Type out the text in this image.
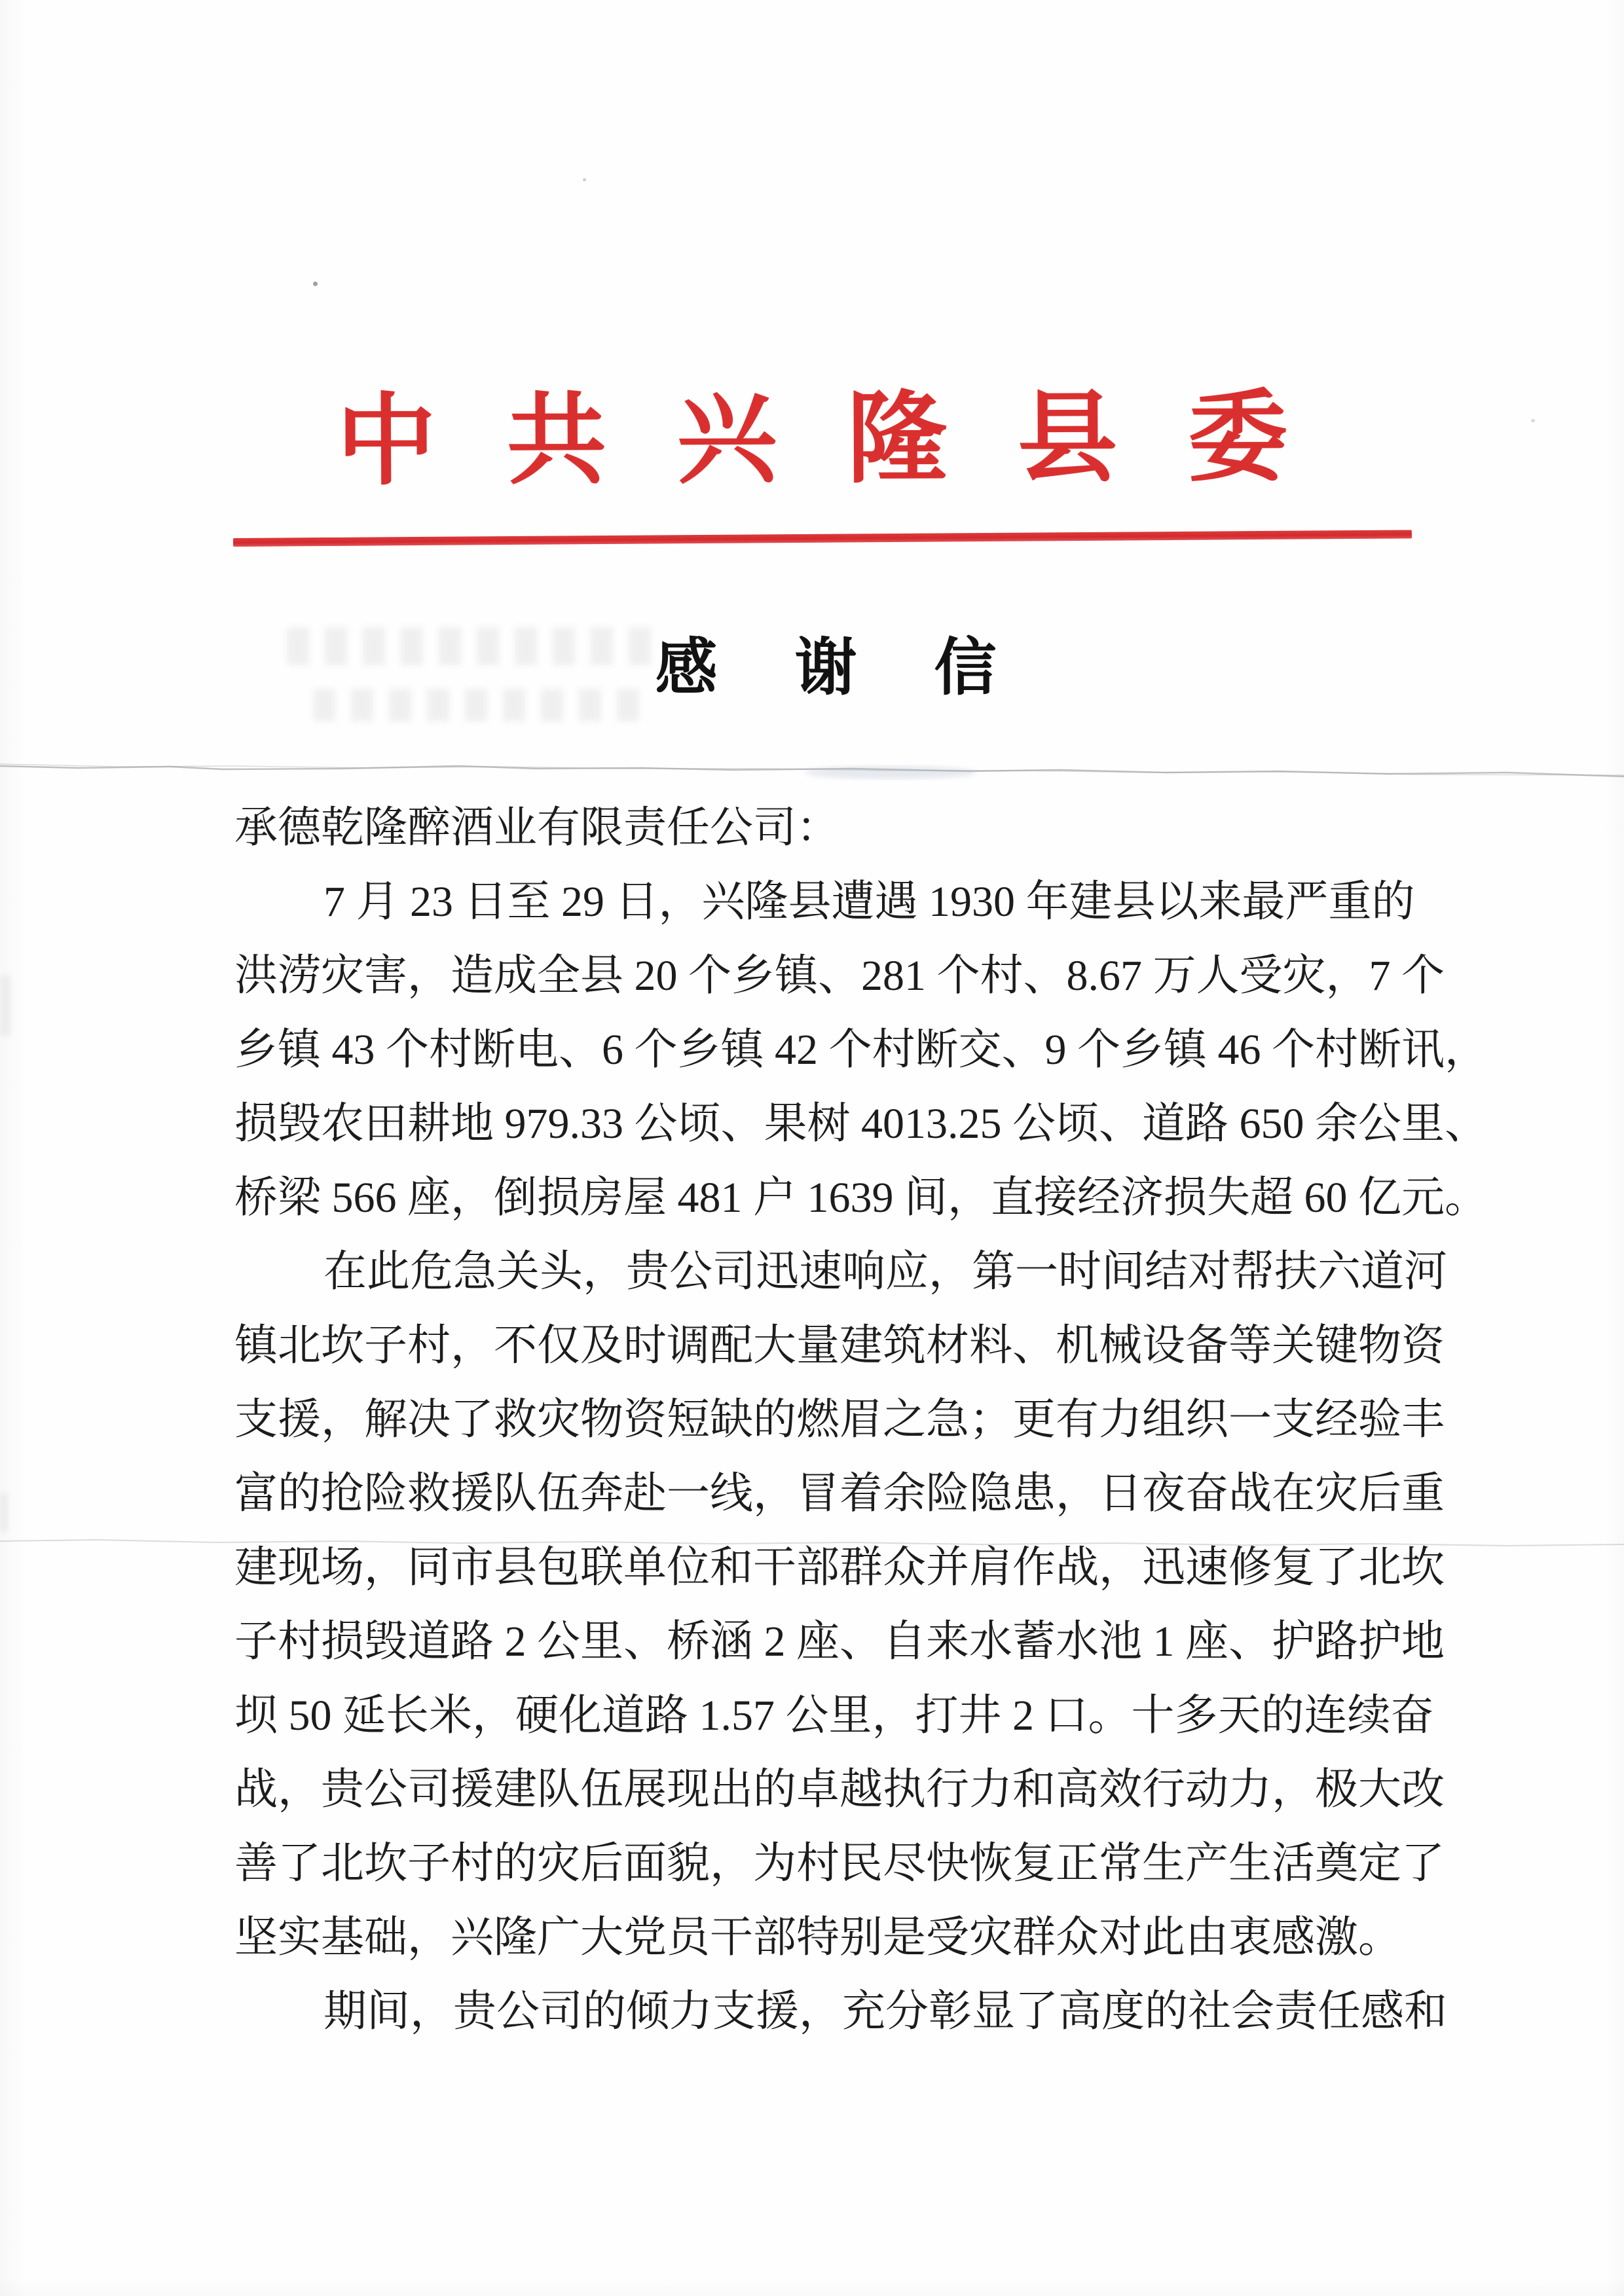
中共兴隆县委
感谢信
承德乾隆醉酒业有限责任公司：
7 月 23 日至 29 日，兴隆县遭遇 1930 年建县以来最严重的
洪涝灾害，造成全县 20 个乡镇、281 个村、8.67 万人受灾，7 个
乡镇 43 个村断电、6 个乡镇 42 个村断交、9 个乡镇 46 个村断讯，
损毁农田耕地 979.33 公顷、果树 4013.25 公顷、道路 650 余公里、
桥梁 566 座，倒损房屋 481 户 1639 间，直接经济损失超 60 亿元。
在此危急关头，贵公司迅速响应，第一时间结对帮扶六道河
镇北坎子村，不仅及时调配大量建筑材料、机械设备等关键物资
支援，解决了救灾物资短缺的燃眉之急；更有力组织一支经验丰
富的抢险救援队伍奔赴一线，冒着余险隐患，日夜奋战在灾后重
建现场，同市县包联单位和干部群众并肩作战，迅速修复了北坎
子村损毁道路 2 公里、桥涵 2 座、自来水蓄水池 1 座、护路护地
坝 50 延长米，硬化道路 1.57 公里，打井 2 口。十多天的连续奋
战，贵公司援建队伍展现出的卓越执行力和高效行动力，极大改
善了北坎子村的灾后面貌，为村民尽快恢复正常生产生活奠定了
坚实基础，兴隆广大党员干部特别是受灾群众对此由衷感激。
期间，贵公司的倾力支援，充分彰显了高度的社会责任感和
